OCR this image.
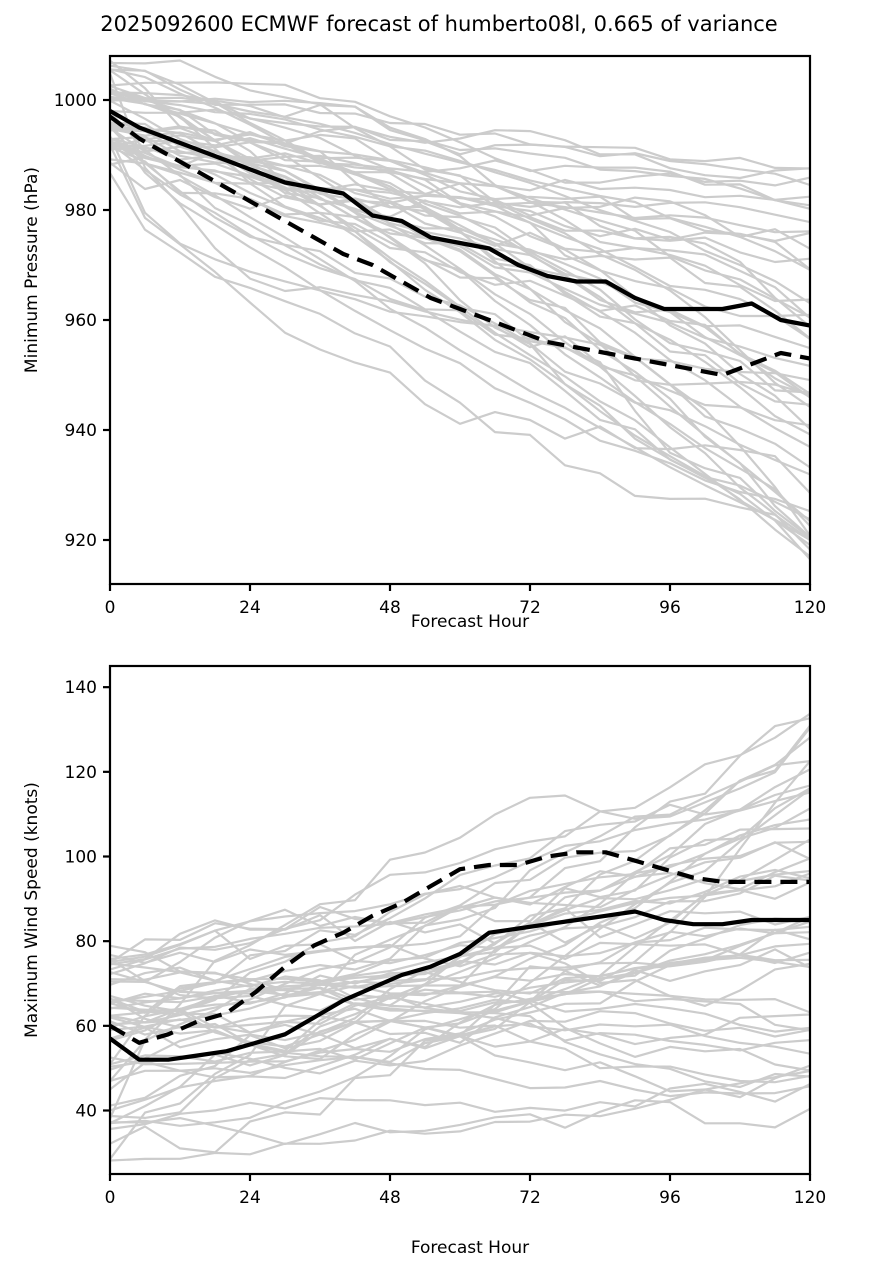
2025092600 ECMWF forecast of humberto08l, 0.665 of variance
0	24	48	72	96	120
920
940
960
980
1000
Forecast Hour
Minimum Pressure (hPa)
0	24	48	72	96	120
40
60
80
100
120
140
Forecast Hour
Maximum Wind Speed (knots)
